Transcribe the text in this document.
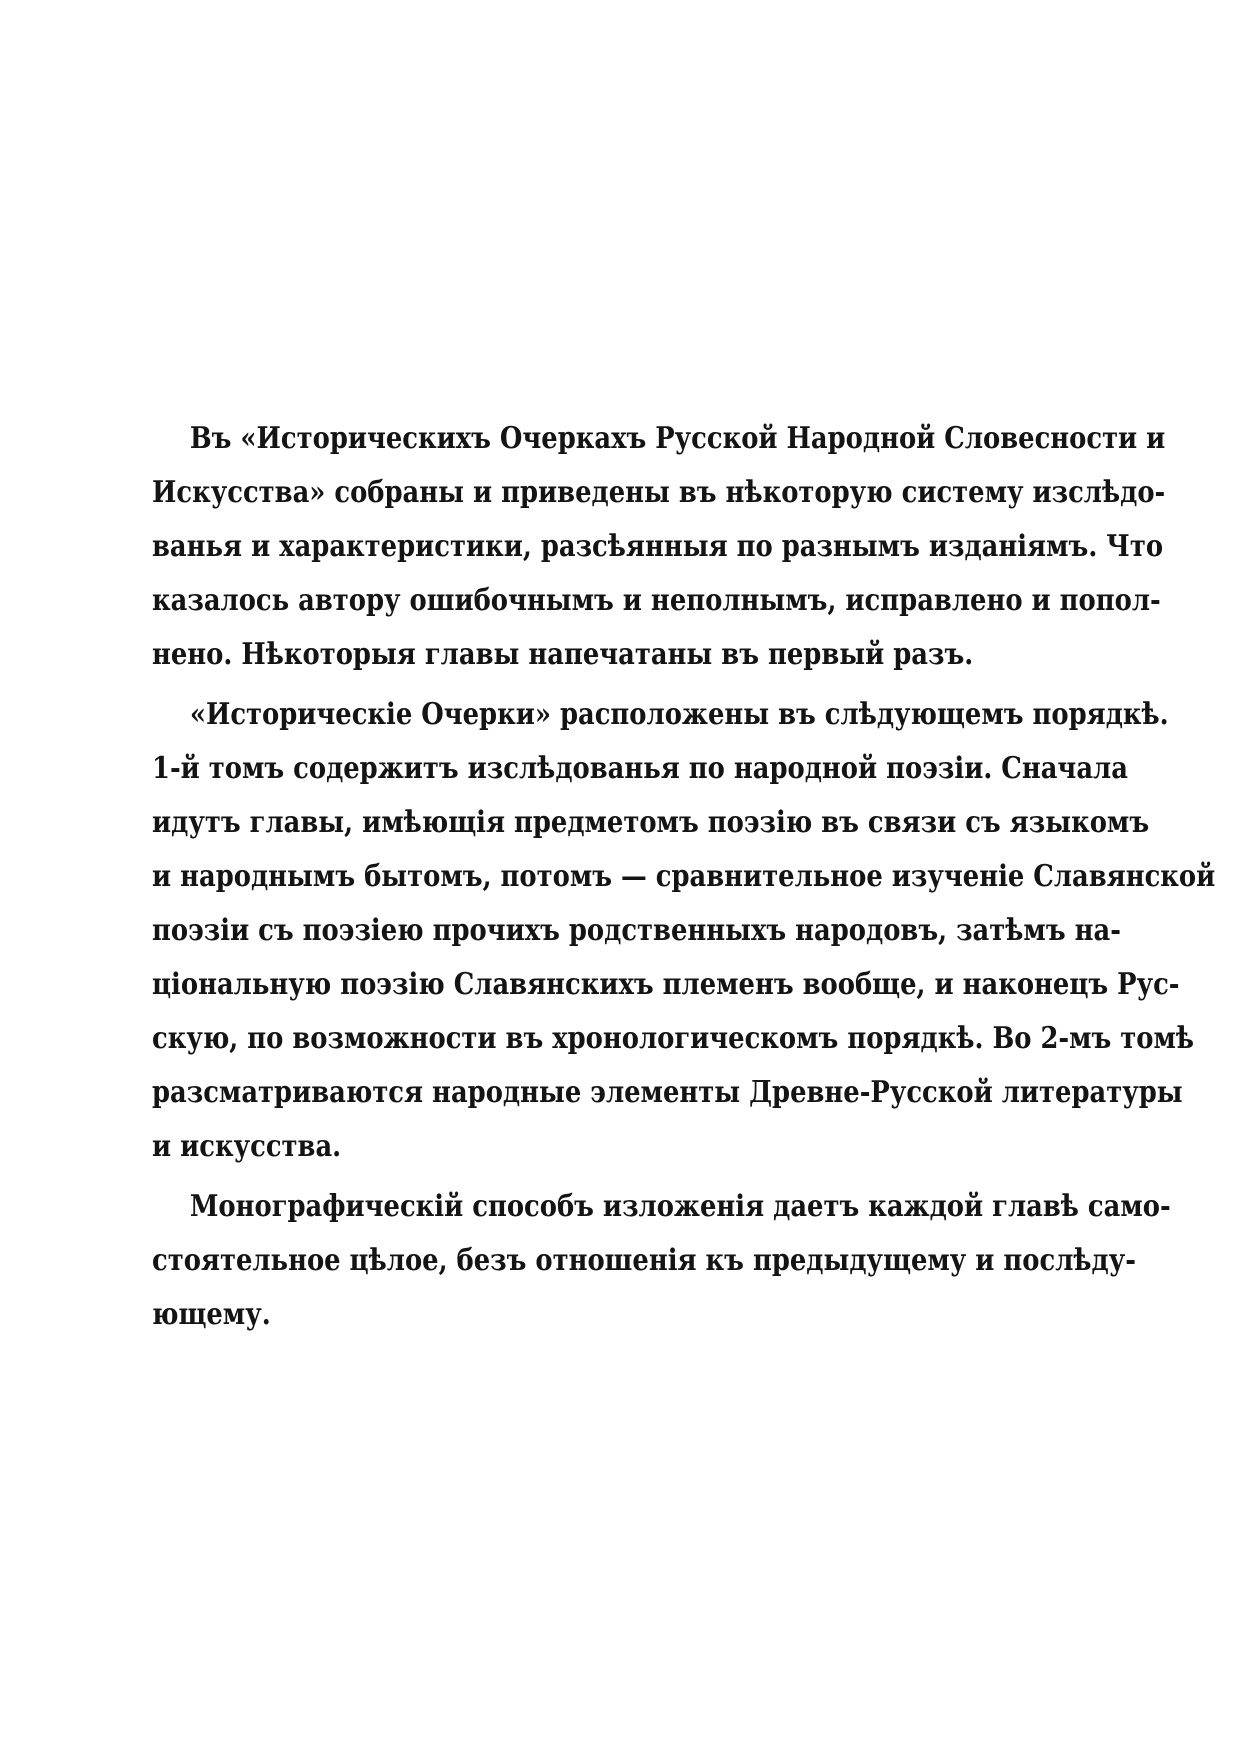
Въ «Историческихъ Очеркахъ Русской Народной Словесности и
Искусства» собраны и приведены въ нѣкоторую систему изслѣдо-
ванья и характеристики, разсѣянныя по разнымъ изданіямъ. Что
казалось автору ошибочнымъ и неполнымъ, исправлено и попол-
нено. Нѣкоторыя главы напечатаны въ первый разъ.
«Историческіе Очерки» расположены въ слѣдующемъ порядкѣ.
1-й томъ содержитъ изслѣдованья по народной поэзіи. Сначала
идутъ главы, имѣющія предметомъ поэзію въ связи съ языкомъ
и народнымъ бытомъ, потомъ — сравнительное изученіе Славянской
поэзіи съ поэзіею прочихъ родственныхъ народовъ, затѣмъ на-
ціональную поэзію Славянскихъ племенъ вообще, и наконецъ Рус-
скую, по возможности въ хронологическомъ порядкѣ. Во 2-мъ томѣ
разсматриваются народные элементы Древне-Русской литературы
и искусства.
Монографическій способъ изложенія даетъ каждой главѣ само-
стоятельное цѣлое, безъ отношенія къ предыдущему и послѣду-
ющему.
